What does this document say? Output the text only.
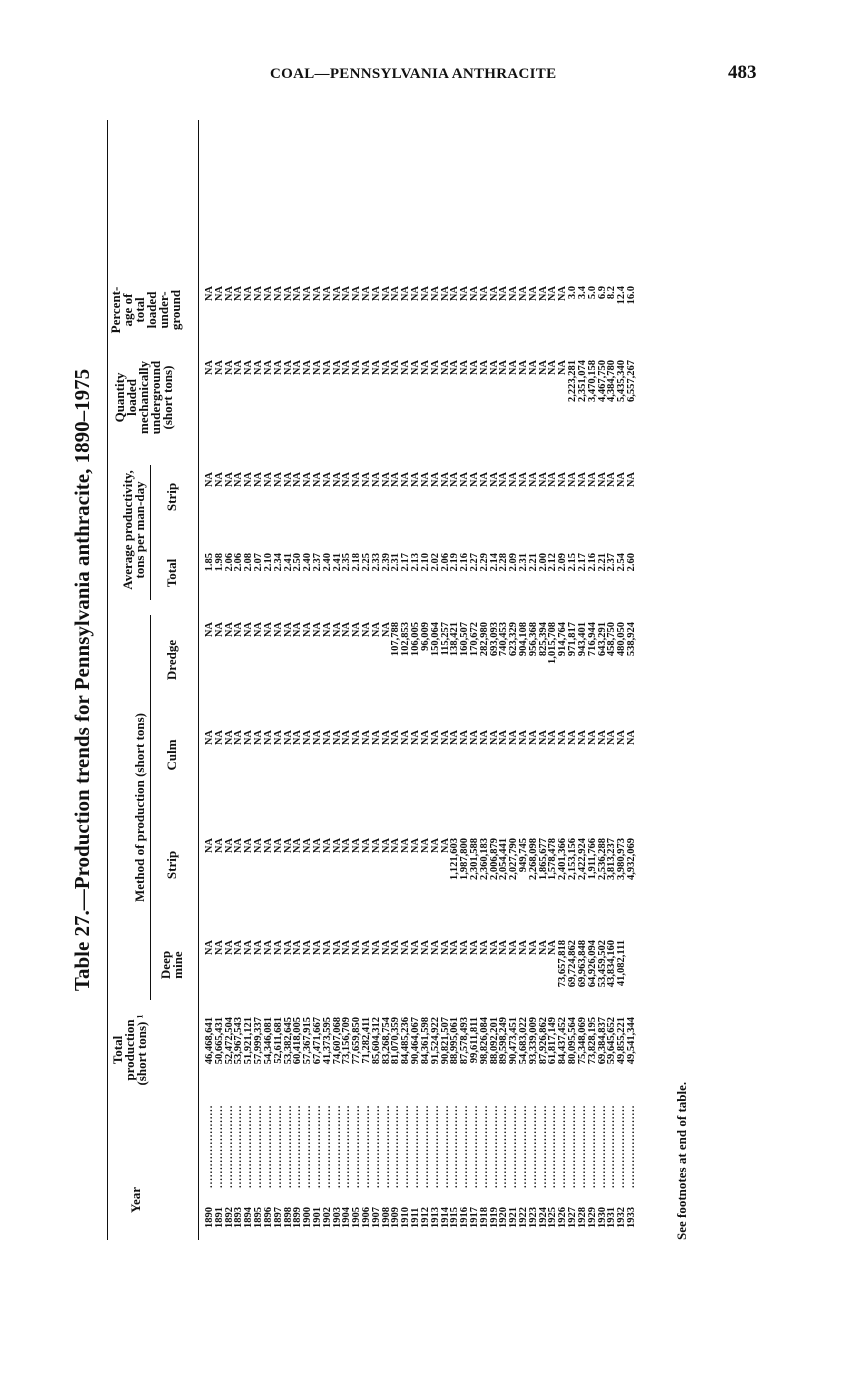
COAL—PENNSYLVANIA ANTHRACITE	483
Table 27.—Production trends for Pennsylvania anthracite, 1890–1975
Year
Total
production
(short tons) ¹
Method of production (short tons)
Deep
mine
Strip
Culm
Dredge
Average productivity,
tons per man-day Total
Strip
Quantity
loaded
mechanically
underground
(short tons)
Percent-
age of
total
loaded
under-
ground
1890
.......................
46,468,641
NA
NA
NA
NA
1.85
NA
NA
NA
1891
.......................
50,665,431
NA
NA
NA
NA
1.98
NA
NA
NA
1892
.......................
52,472,504
NA
NA
NA
NA
2.06
NA
NA
NA
1893
.......................
53,967,543
NA
NA
NA
NA
2.06
NA
NA
NA
1894
.......................
51,921,121
NA
NA
NA
NA
2.08
NA
NA
NA
1895
.......................
57,999,337
NA
NA
NA
NA
2.07
NA
NA
NA
1896
.......................
54,346,081
NA
NA
NA
NA
2.10
NA
NA
NA
1897
.......................
52,611,681
NA
NA
NA
NA
2.34
NA
NA
NA
1898
.......................
53,382,645
NA
NA
NA
NA
2.41
NA
NA
NA
1899
.......................
60,418,005
NA
NA
NA
NA
2.50
NA
NA
NA
1900
.......................
57,367,915
NA
NA
NA
NA
2.40
NA
NA
NA
1901
.......................
67,471,667
NA
NA
NA
NA
2.37
NA
NA
NA
1902
.......................
41,373,595
NA
NA
NA
NA
2.40
NA
NA
NA
1903
.......................
74,607,068
NA
NA
NA
NA
2.41
NA
NA
NA
1904
.......................
73,156,709
NA
NA
NA
NA
2.35
NA
NA
NA
1905
.......................
77,659,850
NA
NA
NA
NA
2.18
NA
NA
NA
1906
.......................
71,282,411
NA
NA
NA
NA
2.25
NA
NA
NA
1907
.......................
85,604,312
NA
NA
NA
NA
2.33
NA
NA
NA
1908
.......................
83,268,754
NA
NA
NA
NA
2.39
NA
NA
NA
1909
.......................
81,070,359
NA
NA
NA
107,788
2.31
NA
NA
NA
1910
.......................
84,485,236
NA
NA
NA
102,853
2.17
NA
NA
NA
1911
.......................
90,464,067
NA
NA
NA
106,005
2.13
NA
NA
NA
1912
.......................
84,361,598
NA
NA
NA
96,009
2.10
NA
NA
NA
1913
.......................
91,524,922
NA
NA
NA
150,064
2.02
NA
NA
NA
1914
.......................
90,821,507
NA
NA
NA
115,257
2.06
NA
NA
NA
1915
.......................
88,995,061
NA
1,121,603
NA
138,421
2.19
NA
NA
NA
1916
.......................
87,578,493
NA
1,987,800
NA
160,507
2.16
NA
NA
NA
1917
.......................
99,611,811
NA
2,301,588
NA
170,672
2.27
NA
NA
NA
1918
.......................
98,826,084
NA
2,360,183
NA
282,980
2.29
NA
NA
NA
1919
.......................
88,092,201
NA
2,006,879
NA
693,093
2.14
NA
NA
NA
1920
.......................
89,598,249
NA
2,054,441
NA
740,453
2.28
NA
NA
NA
1921
.......................
90,473,451
NA
2,027,790
NA
623,329
2.09
NA
NA
NA
1922
.......................
54,683,022
NA
949,745
NA
904,108
2.31
NA
NA
NA
1923
.......................
93,339,009
NA
2,268,098
NA
956,368
2.21
NA
NA
NA
1924
.......................
87,926,862
NA
1,865,677
NA
825,394
2.00
NA
NA
NA
1925
.......................
61,817,149
NA
1,578,478
NA
1,015,708
2.12
NA
NA
NA
1926
.......................
84,437,452
73,657,818
2,401,366
NA
914,764
2.09
NA
NA
NA
1927
.......................
80,095,564
69,724,862
2,153,156
NA
971,817
2.15
NA
2,223,281
3.0
1928
.......................
75,348,069
69,963,848
2,422,924
NA
943,401
2.17
NA
2,351,074
3.4
1929
.......................
73,828,195
64,926,094
1,911,766
NA
716,944
2.16
NA
3,470,158
5.0
1930
.......................
69,384,837
53,459,502
2,536,288
NA
643,291
2.21
NA
4,467,750
6.9
1931
.......................
59,645,652
43,834,160
3,813,237
NA
458,750
2.37
NA
4,384,780
8.2
1932
.......................
49,855,221
41,082,111
3,980,973
NA
480,050
2.54
NA
5,435,340
12.4
1933
.......................
49,541,344
4,932,069
NA
538,924
2.60
NA
6,557,267
16.0
See footnotes at end of table.
